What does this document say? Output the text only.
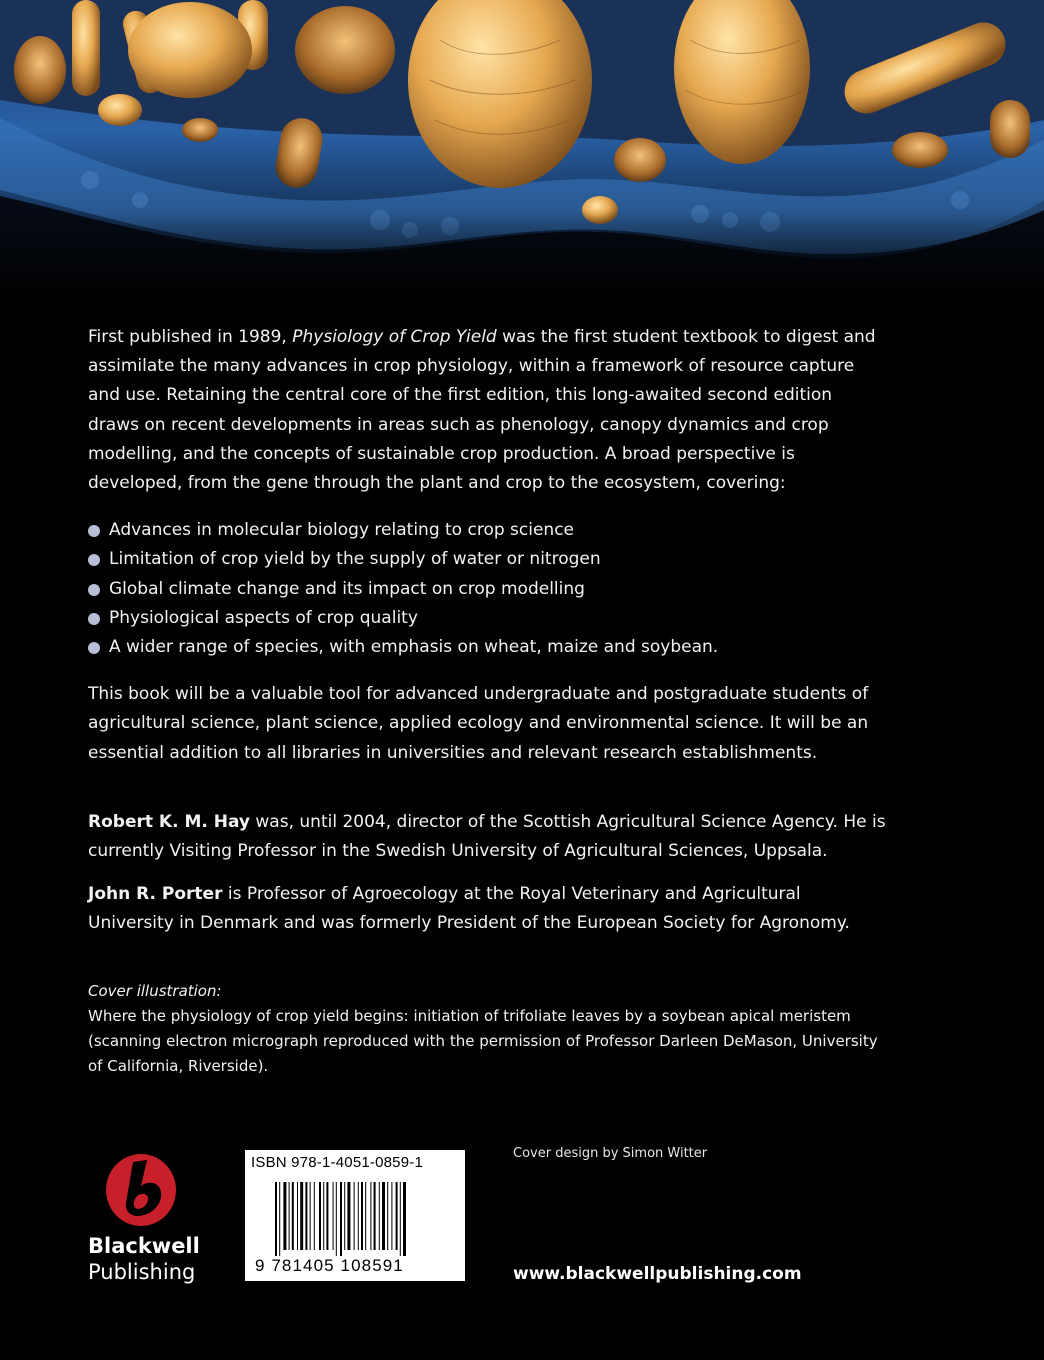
First published in 1989, Physiology of Crop Yield was the first student textbook to digest and assimilate the many advances in crop physiology, within a framework of resource capture and use. Retaining the central core of the first edition, this long-awaited second edition draws on recent developments in areas such as phenology, canopy dynamics and crop modelling, and the concepts of sustainable crop production. A broad perspective is developed, from the gene through the plant and crop to the ecosystem, covering:

Advances in molecular biology relating to crop science
Limitation of crop yield by the supply of water or nitrogen
Global climate change and its impact on crop modelling
Physiological aspects of crop quality
A wider range of species, with emphasis on wheat, maize and soybean.

This book will be a valuable tool for advanced undergraduate and postgraduate students of agricultural science, plant science, applied ecology and environmental science. It will be an essential addition to all libraries in universities and relevant research establishments.

Robert K. M. Hay was, until 2004, director of the Scottish Agricultural Science Agency. He is currently Visiting Professor in the Swedish University of Agricultural Sciences, Uppsala.

John R. Porter is Professor of Agroecology at the Royal Veterinary and Agricultural University in Denmark and was formerly President of the European Society for Agronomy.

Cover illustration:
Where the physiology of crop yield begins: initiation of trifoliate leaves by a soybean apical meristem (scanning electron micrograph reproduced with the permission of Professor Darleen DeMason, University of California, Riverside).
Blackwell
Publishing
ISBN 978-1-4051-0859-1
9 781405 108591
Cover design by Simon Witter
www.blackwellpublishing.com
